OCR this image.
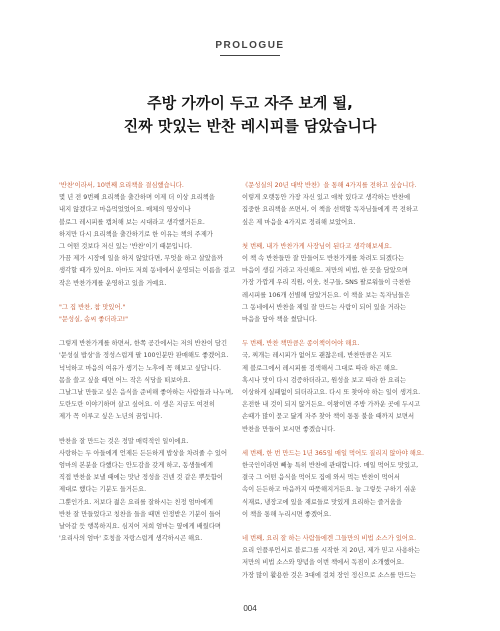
PROLOGUE
주방 가까이 두고 자주 보게 될,
진짜 맛있는 반찬 레시피를 담았습니다

'반찬'이라서, 10번째 요리책을 결심했습니다.

몇 년 전 9번째 요리책을 출간하며 이제 더 이상 요리책을

내지 않겠다고 마음먹었었어요. 매체의 영상이나

블로그 레시피를 캡처해 보는 시대라고 생각했거든요.

하지만 다시 요리책을 출간하기로 한 이유는 책의 주제가

그 어떤 것보다 저신 있는 '반찬'이기 때문입니다.

가끔 제가 시장에 일을 하지 않았다면, 무엇을 하고 살았을까

생각할 때가 있어요. 아마도 저희 동네에서 운영되는 이름을 걸고

작은 반찬가게를 운영하고 있을 거예요.

"그 집 반찬, 참 맛있어."

"문성실, 솜씨 좋더라고!"

그렇게 반찬가게를 하면서, 한쪽 공간에서는 저의 반찬이 담긴

'문성실 밥상'을 정성스럽게 팔 100인분만 판매해도 좋겠어요.

넉넉하고 마음의 여유가 생기는 노후에 꼭 해보고 싶답니다.

몸을 쓸고 싶을 때면 어느 작은 식당을 떠보아요.

그날그날 만들고 싶은 음식을 준비해 좋아하는 사람들과 나누며,

도란도란 이야기하며 살고 싶어요. 이 생은 지금도 여전히

제가 꼭 이루고 싶은 노년의 꿈입니다.

반찬을 잘 만드는 것은 정말 매력적인 일이에요.

사랑하는 두 아들에게 언제든 든든하게 밥상을 차려줄 수 있어

엄마의 본분을 다했다는 안도감을 갖게 하고, 동생들에게

직접 반찬을 보낼 때에는 맛난 정성을 건넨 것 같은 뿌듯함이

제대로 했다는 기분도 들거든요.

그뿐인가요. 저보다 젊은 요리를 잘하시는 친정 엄마에게

반찬 잘 만들었다고 칭찬을 들을 때면 인정받은 기분이 들어

날아갈 듯 행복하지요. 심지어 저희 엄마는 옆에게 배웠다며

'요리사의 엄마' 호칭을 자랑스럽게 생각하시곤 해요.

《문성실의 20년 대박 반찬》을 통해 4가지를 전하고 싶습니다.

이렇게 오랫동안 가장 자신 있고 애착 있다고 생각하는 반찬에

집중한 요리책을 쓰면서, 이 책을 선택할 독자님들에게 꼭 전하고

싶은 제 마음을 4가지로 정리해 보았어요.

첫 번째, 내가 반찬가게 사장님이 된다고 생각해보세요.

이 책 속 반찬들만 잘 만들어도 반찬가게를 차려도 되겠다는

마음이 생길 거라고 자신해요. 저만의 비법, 한 끗을 담았으며

가장 가깝게 우리 직원, 이웃, 친구들, SNS 팔로워들이 극찬한

레시피를 106개 선별해 담았거든요. 이 책을 보는 독자님들은

그 동네에서 반찬을 제일 잘 만드는 사람이 되어 있을 거라는

마음을 담아 책을 썼답니다.

두 번째, 반찬 책만큼은 종이책이어야 해요.

국, 찌개는 레시피가 없어도 괜찮은데, 반찬만큼은 지도

제 블로그에서 레시피를 검색해서 그대로 따라 하곤 해요.

혹시나 맛이 다시 검증하더라고, 원성을 보고 따라 한 요리는

이상하게 실패없이 되더라고요. 다시 또 찾아야 하는 일이 생겨요.

온전한 내 것이 되지 않거든요. 이왕이면 주방 가까운 곳에 두시고

손때가 많이 묻고 닳게 자주 찾아 책이 통통 불을 때까지 보면서

반찬을 만들어 보시면 좋겠습니다.

세 번째, 한 번 만드는 1년 365일 매일 먹어도 질리지 않아야 해요.

한국인이라면 빼놓 특히 반찬에 관대합니다. 매일 먹어도 맛있고,

결국 그 어떤 음식을 먹어도 집에 와서 먹는 반찬이 먹어서

속이 든든하고 마음까지 따뜻해지거든요. 늘 그렇듯 구하기 쉬운

식재료, 냉장고에 있을 재료들로 맛있게 요리하는 즐거움을

이 책을 통해 누리시면 좋겠어요.

네 번째, 요리 잘 하는 사람들에겐 그들만의 비법 소스가 있어요.

요리 인플루언서로 블로그를 시작한 지 20년, 제가 믿고 사용하는

저만의 비법 소스와 양념을 이번 책에서 독점이 소개했어요.

가장 많이 활용한 것은 3대에 걸쳐 장인 정신으로 소스를 만드는

004
